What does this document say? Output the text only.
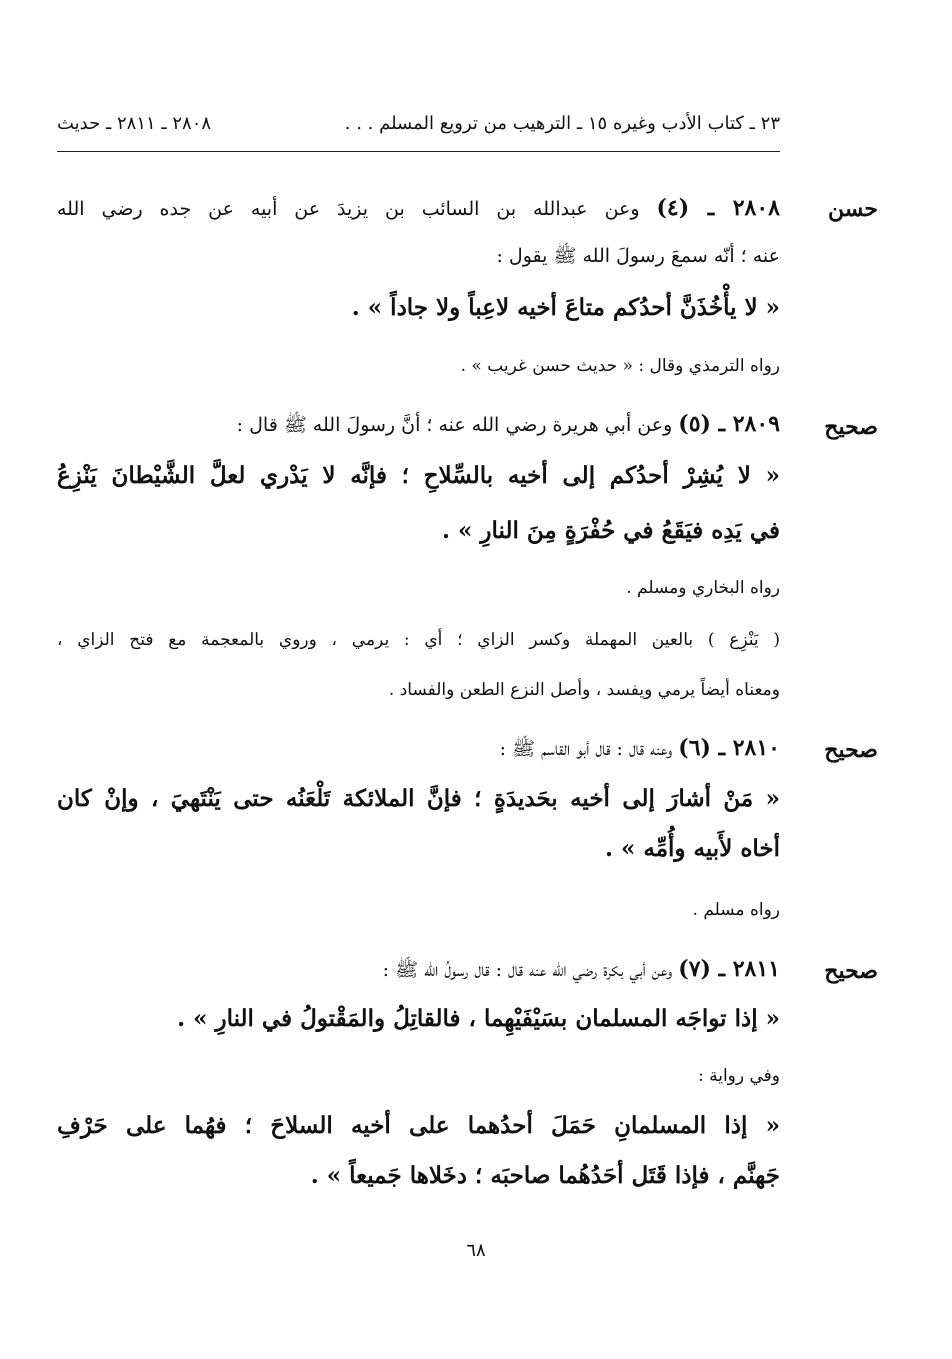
٢٣ ـ كتاب الأدب وغيره
١٥ ـ الترهيب من ترويع المسلم . . .
٢٨٠٨ ـ ٢٨١١ ـ حديث
حسن
٢٨٠٨ ـ (٤) وعن عبدالله بن السائب بن يزيدَ عن أبيه عن جده رضي الله
عنه ؛ أنّه سمعَ رسولَ الله ﷺ يقول :
« لا يأْخُذَنَّ أحدُكم متاعَ أخيه لاعِباً ولا جاداً » .
رواه الترمذي وقال : « حديث حسن غريب » .
صحيح
٢٨٠٩ ـ (٥) وعن أبي هريرة رضي الله عنه ؛ أنَّ رسولَ الله ﷺ قال :
« لا يُشِرْ أحدُكم إلى أخيه بالسِّلاحِ ؛ فإنَّه لا يَدْري لعلَّ الشَّيْطانَ يَنْزِعُ
في يَدِه فيَقَعُ في حُفْرَةٍ مِنَ النارِ » .
رواه البخاري ومسلم .
( يَنْزِع ) بالعين المهملة وكسر الزاي ؛ أي : يرمي ، وروي بالمعجمة مع فتح الزاي ،
ومعناه أيضاً يرمي ويفسد ، وأصل النزع الطعن والفساد .
صحيح
٢٨١٠ ـ (٦) وعنه قال : قال أبو القاسم ﷺ :
« مَنْ أشارَ إلى أخيه بحَديدَةٍ ؛ فإنَّ الملائكة تَلْعَنُه حتى يَنْتَهيَ ، وإنْ كان
أخاه لأَبيه وأُمِّه » .
رواه مسلم .
صحيح
٢٨١١ ـ (٧) وعن أبي بكرة رضي الله عنه قال : قال رسولُ الله ﷺ :
« إذا تواجَه المسلمان بسَيْفَيْهِما ، فالقاتِلُ والمَقْتولُ في النارِ » .
وفي رواية :
« إذا المسلمانِ حَمَلَ أحدُهما على أخيه السلاحَ ؛ فهُما على حَرْفِ
جَهنَّم ، فإذا قَتَل أحَدُهُما صاحبَه ؛ دخَلاها جَميعاً » .
٦٨
